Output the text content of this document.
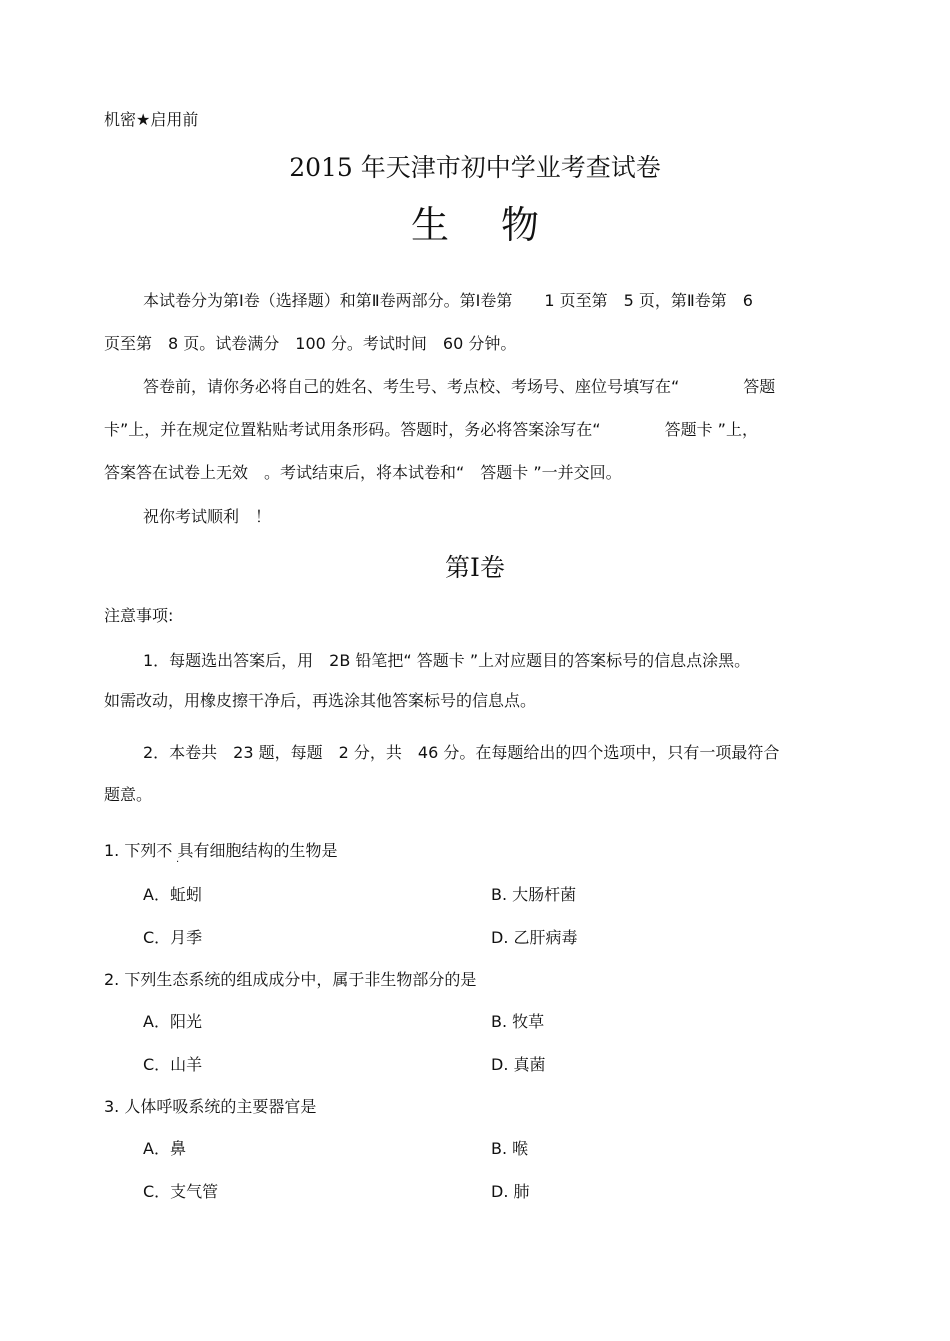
机密★启用前
2015 年天津市初中学业考查试卷
生物
本试卷分为第Ⅰ卷（选择题）和第Ⅱ卷两部分。第Ⅰ卷第　　1 页至第　5 页，第Ⅱ卷第　6
页至第　8 页。试卷满分　100 分。考试时间　60 分钟。
答卷前，请你务必将自己的姓名、考生号、考点校、考场号、座位号填写在“　　　　答题
卡”上，并在规定位置粘贴考试用条形码。答题时，务必将答案涂写在“　　　　答题卡 ”上，
答案答在试卷上无效　。考试结束后，将本试卷和“　答题卡 ”一并交回。
祝你考试顺利　！
第Ⅰ卷
注意事项:
1．每题选出答案后，用　2B 铅笔把“ 答题卡 ”上对应题目的答案标号的信息点涂黑。
如需改动，用橡皮擦干净后，再选涂其他答案标号的信息点。
2．本卷共　23 题，每题　2 分，共　46 分。在每题给出的四个选项中，只有一项最符合
题意。
1. 下列不 具有细胞结构的生物是
·
A．蚯蚓	B. 大肠杆菌
C．月季	D. 乙肝病毒
2. 下列生态系统的组成成分中，属于非生物部分的是
A．阳光	B. 牧草
C．山羊	D. 真菌
3. 人体呼吸系统的主要器官是
A．鼻	B. 喉
C．支气管	D. 肺
